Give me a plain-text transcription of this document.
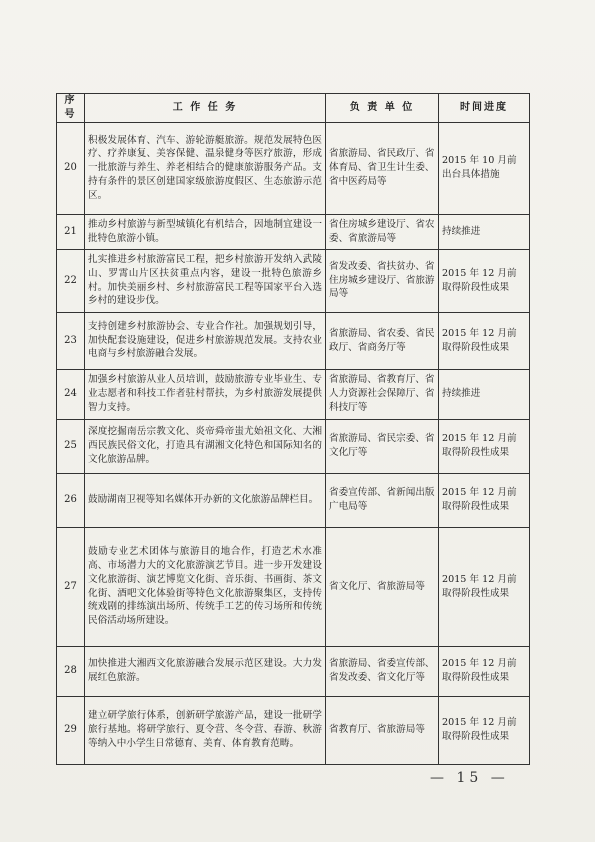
序号	工 作 任 务	负 责 单 位	时间进度
20	积极发展体育、汽车、游轮游艇旅游。规范发展特色医疗、疗养康复、美容保健、温泉健身等医疗旅游，形成一批旅游与养生、养老相结合的健康旅游服务产品。支持有条件的景区创建国家级旅游度假区、生态旅游示范区。	省旅游局、省民政厅、省体育局、省卫生计生委、省中医药局等	2015 年 10 月前出台具体措施
21	推动乡村旅游与新型城镇化有机结合，因地制宜建设一批特色旅游小镇。	省住房城乡建设厅、省农委、省旅游局等	持续推进
22	扎实推进乡村旅游富民工程，把乡村旅游开发纳入武陵山、罗霄山片区扶贫重点内容，建设一批特色旅游乡村。加快美丽乡村、乡村旅游富民工程等国家平台入选乡村的建设步伐。	省发改委、省扶贫办、省住房城乡建设厅、省旅游局等	2015 年 12 月前取得阶段性成果
23	支持创建乡村旅游协会、专业合作社。加强规划引导，加快配套设施建设，促进乡村旅游规范发展。支持农业电商与乡村旅游融合发展。	省旅游局、省农委、省民政厅、省商务厅等	2015 年 12 月前取得阶段性成果
24	加强乡村旅游从业人员培训，鼓励旅游专业毕业生、专业志愿者和科技工作者驻村帮扶，为乡村旅游发展提供智力支持。	省旅游局、省教育厅、省人力资源社会保障厅、省科技厅等	持续推进
25	深度挖掘南岳宗教文化、炎帝舜帝蚩尤始祖文化、大湘西民族民俗文化，打造具有湖湘文化特色和国际知名的文化旅游品牌。	省旅游局、省民宗委、省文化厅等	2015 年 12 月前取得阶段性成果
26	鼓励湖南卫视等知名媒体开办新的文化旅游品牌栏目。	省委宣传部、省新闻出版广电局等	2015 年 12 月前取得阶段性成果
27	鼓励专业艺术团体与旅游目的地合作，打造艺术水准高、市场潜力大的文化旅游演艺节目。进一步开发建设文化旅游街、演艺博览文化街、音乐街、书画街、茶文化街、酒吧文化体验街等特色文化旅游聚集区，支持传统戏剧的排练演出场所、传统手工艺的传习场所和传统民俗活动场所建设。	省文化厅、省旅游局等	2015 年 12 月前取得阶段性成果
28	加快推进大湘西文化旅游融合发展示范区建设。大力发展红色旅游。	省旅游局、省委宣传部、省发改委、省文化厅等	2015 年 12 月前取得阶段性成果
29	建立研学旅行体系，创新研学旅游产品，建设一批研学旅行基地。将研学旅行、夏令营、冬令营、春游、秋游等纳入中小学生日常德育、美育、体育教育范畴。	省教育厅、省旅游局等	2015 年 12 月前取得阶段性成果
— 15 —
